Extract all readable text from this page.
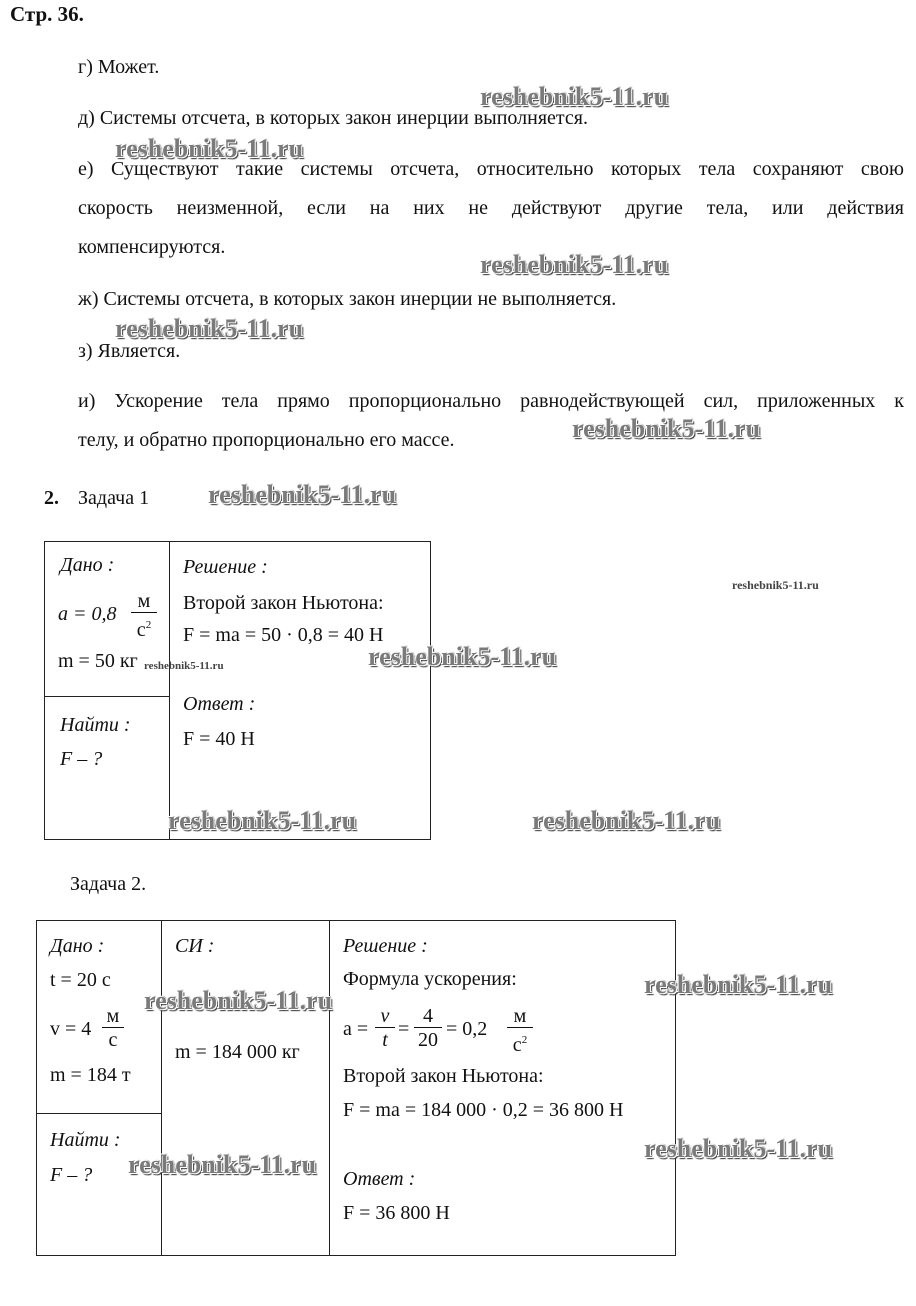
Стр. 36.
г) Может.
д) Системы отсчета, в которых закон инерции выполняется.
е) Существуют такие системы отсчета, относительно которых тела сохраняют свою
скорость неизменной, если на них не действуют другие тела, или действия
компенсируются.
ж) Системы отсчета, в которых закон инерции не выполняется.
з) Является.
и) Ускорение тела прямо пропорционально равнодействующей сил, приложенных к
телу, и обратно пропорционально его массе.
2. Задача 1
Дано :
a = 0,8
м
$с^2$
m = 50 кг
Найти :
F – ?
Решение :
Второй закон Ньютона:
F = ma = 50 · 0,8 = 40 Н
Ответ :
F = 40 Н
Задача 2.
Дано :
t = 20 с
v = 4
м
с
m = 184 т
Найти :
F – ?
СИ :
m = 184 000 кг
Решение :
Формула ускорения:
$a = \frac{v}{t} = \frac{4}{20} = 0,2$
м
$с^2$
Второй закон Ньютона:
F = ma = 184 000 · 0,2 = 36 800 Н
Ответ :
F = 36 800 Н
reshebnik5-11.ru
reshebnik5-11.ru
reshebnik5-11.ru
reshebnik5-11.ru
reshebnik5-11.ru
reshebnik5-11.ru
reshebnik5-11.ru
reshebnik5-11.ru	reshebnik5-11.ru
reshebnik5-11.ru	reshebnik5-11.ru
reshebnik5-11.ru
reshebnik5-11.ru
reshebnik5-11.ru
reshebnik5-11.ru
